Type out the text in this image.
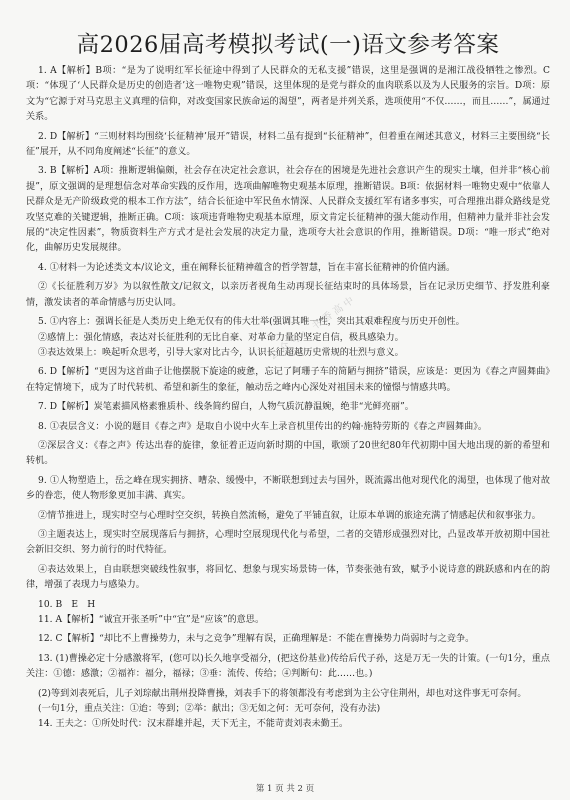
高2026届高考模拟考试(一)语文参考答案

1. A【解析】B项：“是为了说明红军长征途中得到了人民群众的无私支援”错误，这里是强调的是湘江战役牺牲之惨烈。C项：“体现了‘人民群众是历史的创造者’这一唯物史观”错误，这里体现的是党与群众的血肉联系以及为人民服务的宗旨。D项：原文为“它源于对马克思主义真理的信仰，对改变国家民族命运的渴望”，两者是并列关系，选项使用“不仅……，而且……”，属通过关系。

2. D【解析】“三则材料均围绕‘长征精神’展开”错误，材料二虽有提到“长征精神”，但着重在阐述其意义，材料三主要围绕“长征”展开，从不同角度阐述“长征”的意义。

3. B【解析】A项：推断逻辑偏颇，社会存在决定社会意识，社会存在的困境是先进社会意识产生的现实土壤，但并非“核心前提”，原文强调的是理想信念对革命实践的反作用，选项曲解唯物史观基本原理，推断错误。B项：依据材料一唯物史观中“依靠人民群众是无产阶级政党的根本工作方法”，结合长征途中军民鱼水情深、人民群众支援红军有诸多事实，可合理推出群众路线是党攻坚克难的关键逻辑，推断正确。C项：该项违背唯物史观基本原理，原文肯定长征精神的强大能动作用，但精神力量并非社会发展的“决定性因素”，物质资料生产方式才是社会发展的决定力量，选项夸大社会意识的作用，推断错误。D项：“唯一形式”绝对化，曲解历史发展规律。

4. ①材料一为论述类文本/议论文，重在阐释长征精神蕴含的哲学智慧，旨在丰富长征精神的价值内涵。

②《长征胜利万岁》为以叙性散文/记叙文，以亲历者视角生动再现长征结束时的具体场景，旨在记录历史细节、抒发胜利豪情，激发读者的革命情感与历史认同。

5. ①内容上：强调长征是人类历史上绝无仅有的伟大壮举(强调其唯一性，突出其艰难程度与历史开创性。

②感情上：强化情感，表达对长征胜利的无比自豪、对革命力量的坚定自信，极具感染力。

③表达效果上：唤起听众思考，引导大家对比古今，认识长征超越历史常规的壮烈与意义。

6. D【解析】“更因为这首曲子让他摆脱下旋途的疲惫，忘记了阿珊子车的简陋与拥挤”错误，应该是：更因为《春之声圆舞曲》在特定情境下，成为了时代转机、希望和新生的象征，触动岳之峰内心深处对祖国未来的憧憬与情感共鸣。

7. D【解析】炭笔素描风格素雅质朴、线条简约留白，人物气质沉静温婉，绝非“光鲜亮丽”。

8. ①表层含义：小说的题目《春之声》是取自小说中火车上录音机里传出的约翰·施特劳斯的《春之声圆舞曲》。

②深层含义：《春之声》传达出春的旋律，象征着正迈向新时期的中国，歌颂了20世纪80年代初期中国大地出现的新的希望和转机。

9. ①人物塑造上，岳之峰在现实拥挤、嘈杂、缓慢中，不断联想到过去与国外，既流露出他对现代化的渴望，也体现了他对故乡的眷恋，使人物形象更加丰满、真实。

②情节推进上，现实时空与心理时空交织，转换自然流畅，避免了平铺直叙，让原本单调的旅途充满了情感起伏和叙事张力。

③主题表达上，现实时空展现落后与拥挤，心理时空展现现代化与希望，二者的交错形成强烈对比，凸显改革开放初期中国社会新旧交织、努力前行的时代特征。

④表达效果上，自由联想突破线性叙事，将回忆、想象与现实场景铸一体，节奏张弛有致，赋予小说诗意的跳跃感和内在的韵律，增强了表现力与感染力。

10. B　E　H

11. A【解析】“诚宜开张圣听”中“宜”是“应该”的意思。

12. C【解析】“却比不上曹操势力，未与之竞争”理解有误，正确理解是：不能在曹操势力尚弱时与之竞争。

13. (1)曹操必定十分感激将军，(您可以)长久地享受福分，(把这份基业)传给后代子孙，这是万无一失的计策。(一句1分，重点关注：①德：感激；②福祚：福分，福禄；③垂：流传、传给；④判断句：此……也。)

(2)等到刘表死后，儿子刘琮献出荆州投降曹操，刘表手下的将领都没有考虑到为主公守住荆州，却也对这件事无可奈何。

(一句1分，重点关注：①迨：等到；②举：献出；③无如之何：无可奈何，没有办法)

14. 王夫之：①所处时代：汉末群雄并起，天下无主，不能苛责刘表未勤王。

公众号：书香高中
第 1 页 共 2 页
